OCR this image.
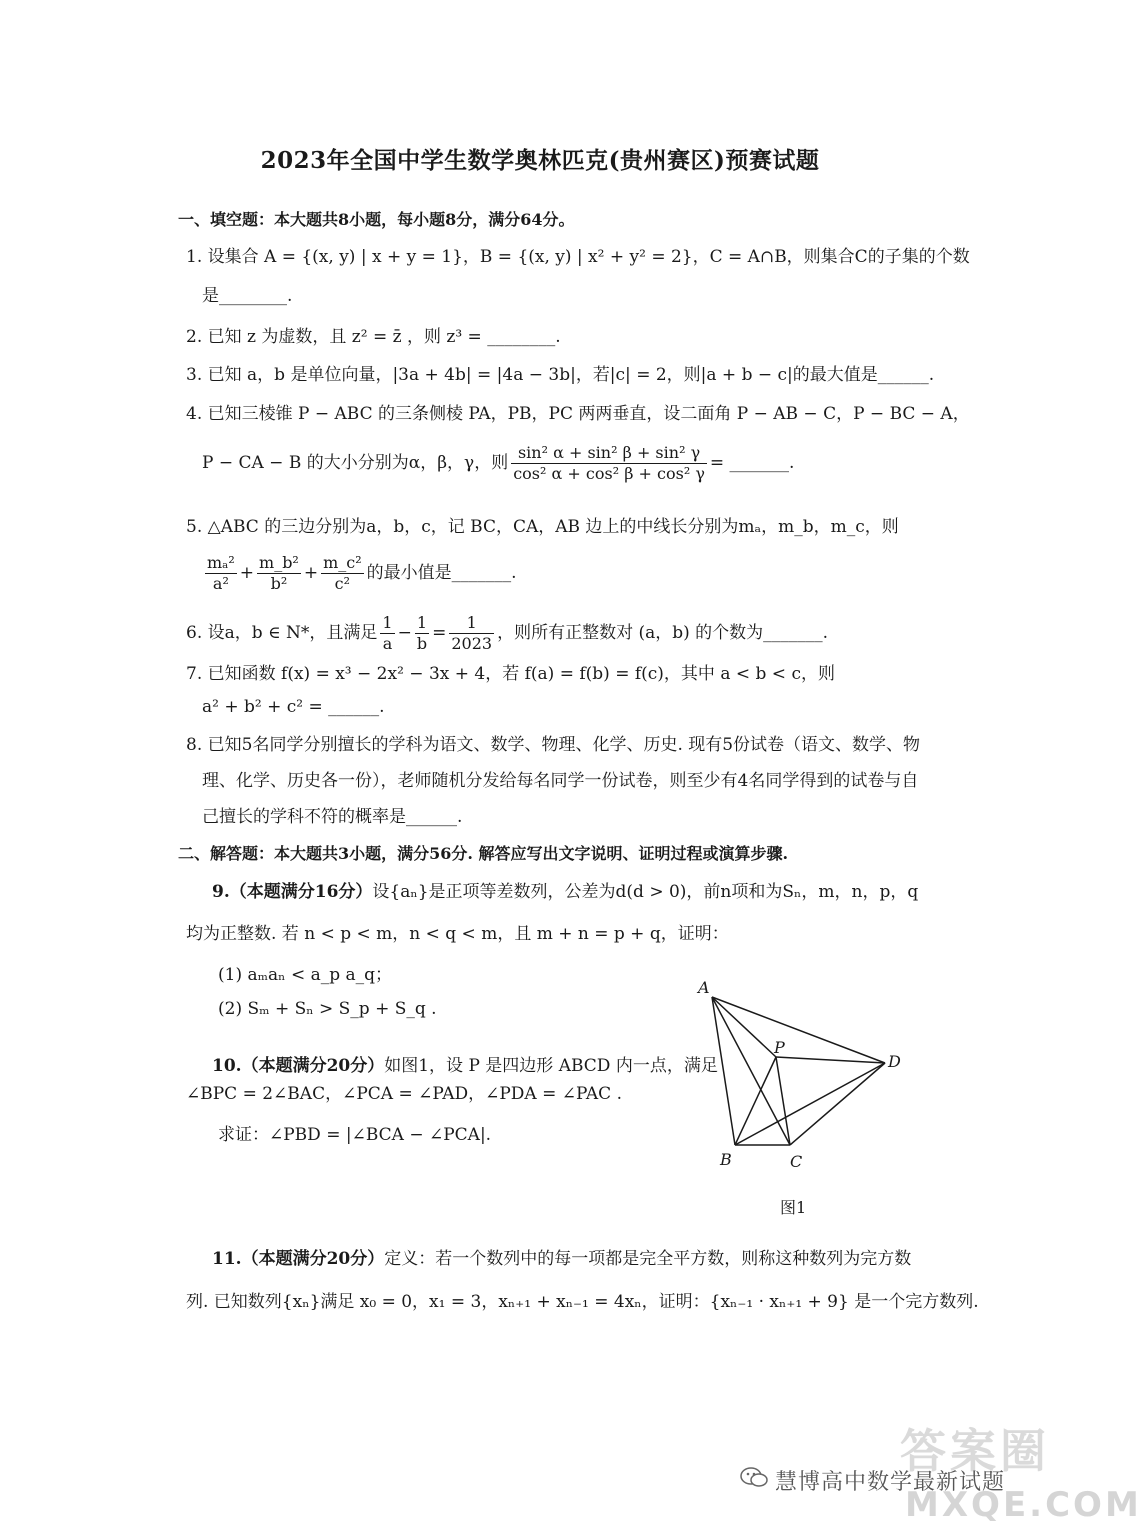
2023年全国中学生数学奥林匹克(贵州赛区)预赛试题
一、填空题：本大题共8小题，每小题8分，满分64分。
1. 设集合 A = {(x, y) | x + y = 1}，B = {(x, y) | x² + y² = 2}，C = A∩B，则集合C的子集的个数
是________.
2. 已知 z 为虚数，且 z² = z̄ ，则 z³ = ________.
3. 已知 a，b 是单位向量，|3a + 4b| = |4a − 3b|，若|c| = 2，则|a + b − c|的最大值是______.
4. 已知三棱锥 P − ABC 的三条侧棱 PA，PB，PC 两两垂直，设二面角 P − AB − C，P − BC − A，
P − CA − B 的大小分别为α，β，γ，则 $\frac{\text{sin² α + sin² β + sin² γ}}{\text{cos² α + cos² β + cos² γ}}$ = _______.
5. △ABC 的三边分别为a，b，c，记 BC，CA，AB 边上的中线长分别为mₐ，m_b，m_c，则
$\frac{\text{mₐ²}}{\text{a²}} + \frac{\text{m\_b²}}{\text{b²}} + \frac{\text{m\_c²}}{\text{c²}}$ 的最小值是_______.
6. 设a，b ∈ N*，且满足 $\frac{1}{a} - \frac{1}{b} = \frac{1}{2023}$ ，则所有正整数对 (a，b) 的个数为_______.
7. 已知函数 f(x) = x³ − 2x² − 3x + 4，若 f(a) = f(b) = f(c)，其中 a < b < c，则
a² + b² + c² = ______.
8. 已知5名同学分别擅长的学科为语文、数学、物理、化学、历史. 现有5份试卷（语文、数学、物
理、化学、历史各一份），老师随机分发给每名同学一份试卷，则至少有4名同学得到的试卷与自
己擅长的学科不符的概率是______.
二、解答题：本大题共3小题，满分56分. 解答应写出文字说明、证明过程或演算步骤.
9.（本题满分16分）设{aₙ}是正项等差数列，公差为d(d > 0)，前n项和为Sₙ，m，n，p，q
均为正整数. 若 n < p < m，n < q < m，且 m + n = p + q，证明：
(1) aₘaₙ < a_p a_q；
(2) Sₘ + Sₙ > S_p + S_q .
10.（本题满分20分）如图1，设 P 是四边形 ABCD 内一点，满足
∠BPC = 2∠BAC，∠PCA = ∠PAD，∠PDA = ∠PAC .
求证：∠PBD = |∠BCA − ∠PCA|.
A
B	C
D
P
图1
11.（本题满分20分）定义：若一个数列中的每一项都是完全平方数，则称这种数列为完方数
列. 已知数列{xₙ}满足 x₀ = 0，x₁ = 3，xₙ₊₁ + xₙ₋₁ = 4xₙ，证明：{xₙ₋₁ · xₙ₊₁ + 9} 是一个完方数列.
答案圈
慧博高中数学最新试题
MXQE.COM
